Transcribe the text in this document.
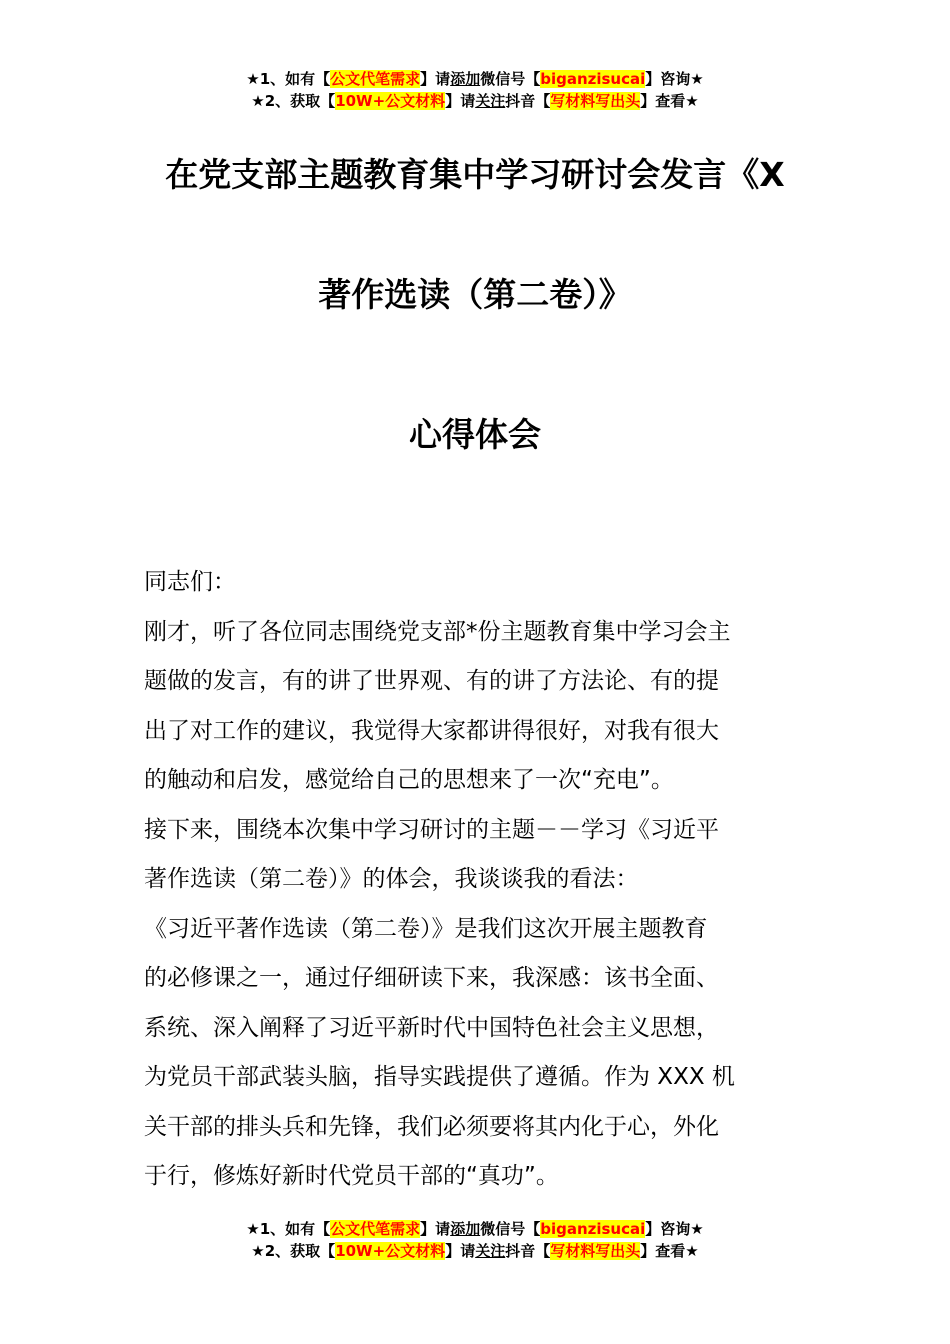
★1、如有【公文代笔需求】请添加微信号【biganzisucai】咨询★
★2、获取【10W+公文材料】请关注抖音【写材料写出头】查看★
在党支部主题教育集中学习研讨会发言《X
著作选读（第二卷）》
心得体会

同志们：

刚才，听了各位同志围绕党支部*份主题教育集中学习会主

题做的发言，有的讲了世界观、有的讲了方法论、有的提

出了对工作的建议，我觉得大家都讲得很好，对我有很大

的触动和启发，感觉给自己的思想来了一次“充电”。

接下来，围绕本次集中学习研讨的主题－－学习《习近平

著作选读（第二卷）》的体会，我谈谈我的看法：

《习近平著作选读（第二卷）》是我们这次开展主题教育

的必修课之一，通过仔细研读下来，我深感：该书全面、

系统、深入阐释了习近平新时代中国特色社会主义思想，

为党员干部武装头脑，指导实践提供了遵循。作为 XXX 机

关干部的排头兵和先锋，我们必须要将其内化于心，外化

于行，修炼好新时代党员干部的“真功”。

★1、如有【公文代笔需求】请添加微信号【biganzisucai】咨询★
★2、获取【10W+公文材料】请关注抖音【写材料写出头】查看★
